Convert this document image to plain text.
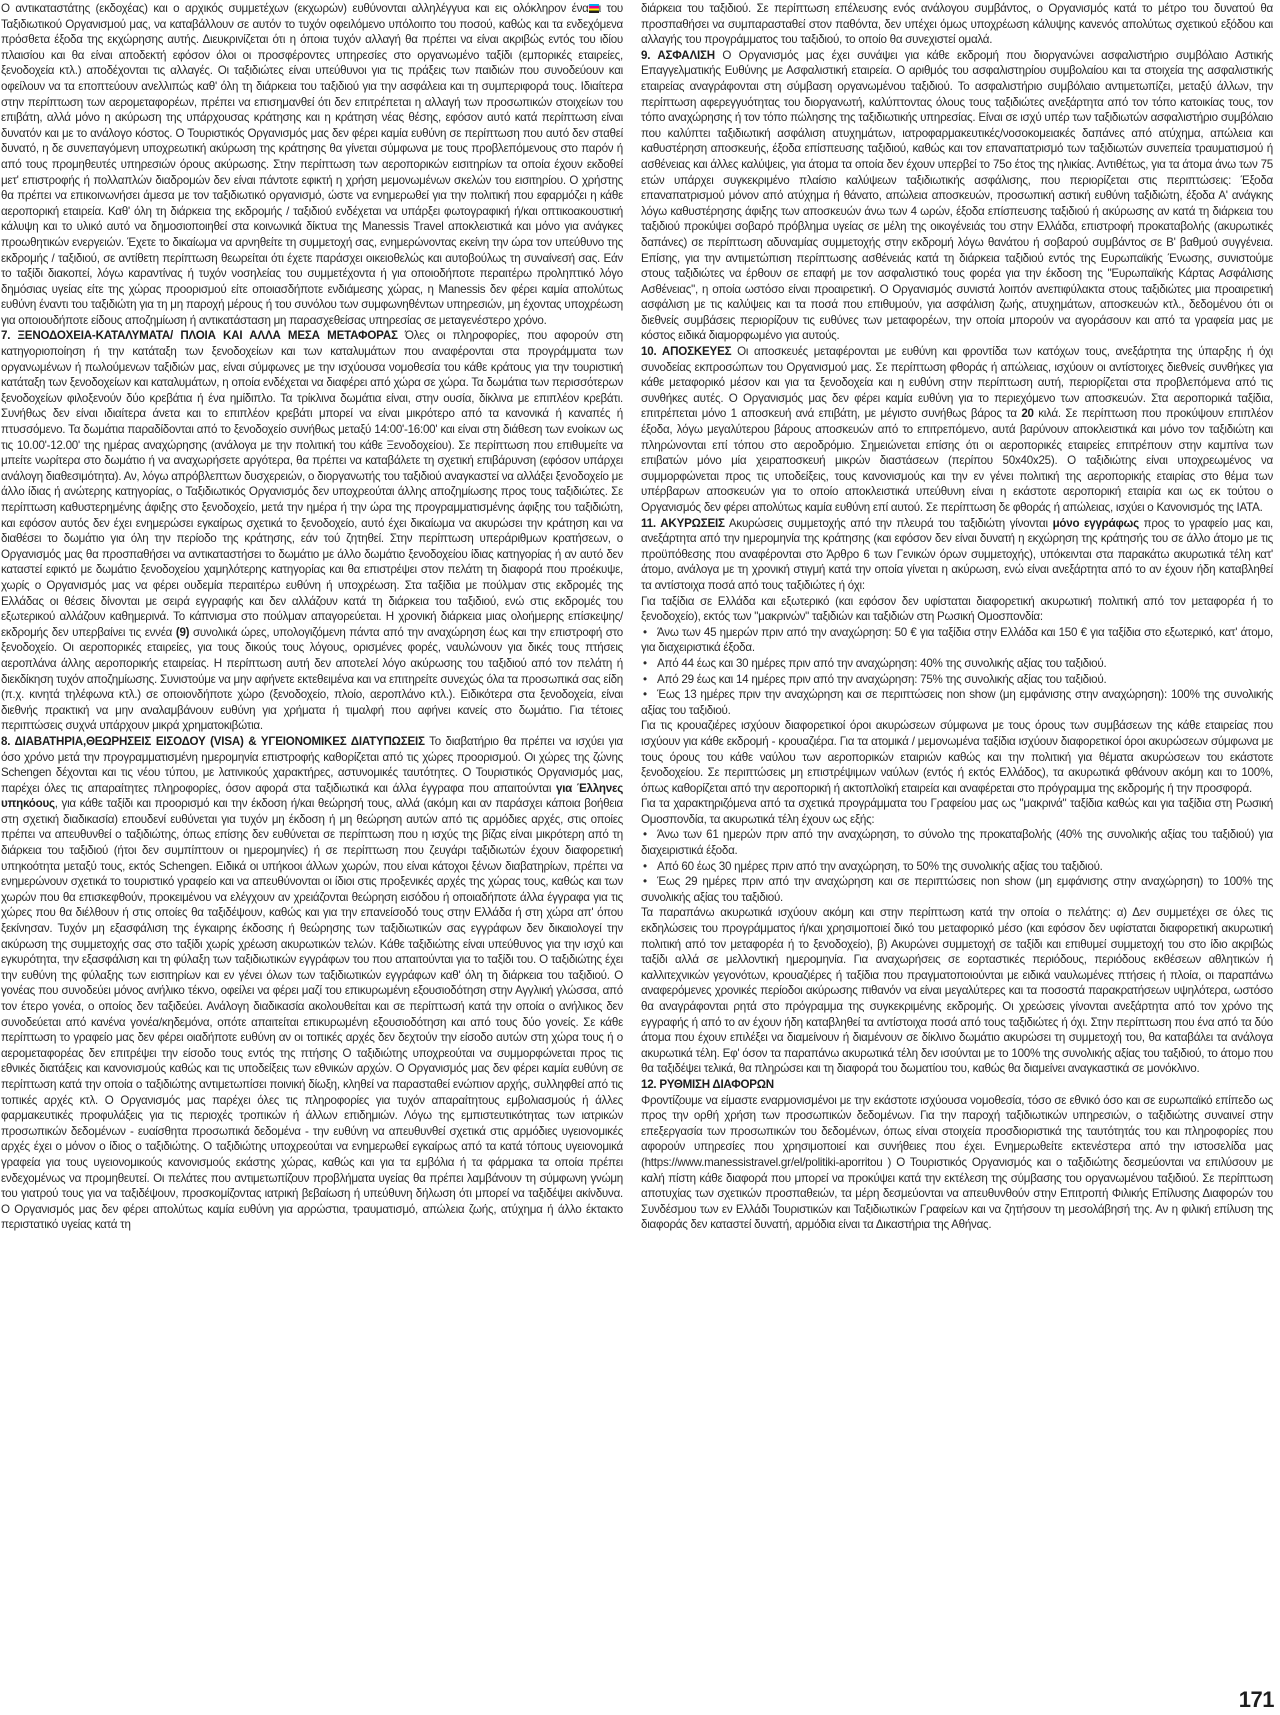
Ο αντικαταστάτης (εκδοχέας) και ο αρχικός συμμετέχων (εκχωρών) ευθύνονται αλληλέγγυα και εις ολόκληρον ένα ι του Ταξιδιωτικού Οργανισμού μας, να καταβάλλουν σε αυτόν το τυχόν οφειλόμενο υπόλοιπο του ποσού, καθώς και τα ενδεχόμενα πρόσθετα έξοδα της εκχώρησης αυτής. Διευκρινίζεται ότι η όποια τυχόν αλλαγή θα πρέπει να είναι ακριβώς εντός του ιδίου πλαισίου και θα είναι αποδεκτή εφόσον όλοι οι προσφέροντες υπηρεσίες στο οργανωμένο ταξίδι (εμπορικές εταιρείες, ξενοδοχεία κτλ.) αποδέχονται τις αλλαγές. Οι ταξιδιώτες είναι υπεύθυνοι για τις πράξεις των παιδιών που συνοδεύουν και οφείλουν να τα εποπτεύουν ανελλιπώς καθ' όλη τη διάρκεια του ταξιδιού για την ασφάλεια και τη συμπεριφορά τους. Ιδιαίτερα στην περίπτωση των αερομεταφορέων, πρέπει να επισημανθεί ότι δεν επιτρέπεται η αλλαγή των προσωπικών στοιχείων του επιβάτη, αλλά μόνο η ακύρωση της υπάρχουσας κράτησης και η κράτηση νέας θέσης, εφόσον αυτό κατά περίπτωση είναι δυνατόν και με το ανάλογο κόστος. Ο Τουριστικός Οργανισμός μας δεν φέρει καμία ευθύνη σε περίπτωση που αυτό δεν σταθεί δυνατό, η δε συνεπαγόμενη υποχρεωτική ακύρωση της κράτησης θα γίνεται σύμφωνα με τους προβλεπόμενους στο παρόν ή από τους προμηθευτές υπηρεσιών όρους ακύρωσης. Στην περίπτωση των αεροπορικών εισιτηρίων τα οποία έχουν εκδοθεί μετ' επιστροφής ή πολλαπλών διαδρομών δεν είναι πάντοτε εφικτή η χρήση μεμονωμένων σκελών του εισιτηρίου. Ο χρήστης θα πρέπει να επικοινωνήσει άμεσα με τον ταξιδιωτικό οργανισμό, ώστε να ενημερωθεί για την πολιτική που εφαρμόζει η κάθε αεροπορική εταιρεία. Καθ' όλη τη διάρκεια της εκδρομής / ταξιδιού ενδέχεται να υπάρξει φωτογραφική ή/και οπτικοακουστική κάλυψη και το υλικό αυτό να δημοσιοποιηθεί στα κοινωνικά δίκτυα της Manessis Travel αποκλειστικά και μόνο για ανάγκες προωθητικών ενεργειών. Έχετε το δικαίωμα να αρνηθείτε τη συμμετοχή σας, ενημερώνοντας εκείνη την ώρα τον υπεύθυνο της εκδρομής / ταξιδιού, σε αντίθετη περίπτωση θεωρείται ότι έχετε παράσχει οικειοθελώς και αυτοβούλως τη συναίνεσή σας. Εάν το ταξίδι διακοπεί, λόγω καραντίνας ή τυχόν νοσηλείας του συμμετέχοντα ή για οποιοδήποτε περαιτέρω προληπτικό λόγο δημόσιας υγείας είτε της χώρας προορισμού είτε οποιασδήποτε ενδιάμεσης χώρας, η Manessis δεν φέρει καμία απολύτως ευθύνη έναντι του ταξιδιώτη για τη μη παροχή μέρους ή του συνόλου των συμφωνηθέντων υπηρεσιών, μη έχοντας υποχρέωση για οποιουδήποτε είδους αποζημίωση ή αντικατάσταση μη παρασχεθείσας υπηρεσίας σε μεταγενέστερο χρόνο.

7. ΞΕΝΟΔΟΧΕΙΑ-ΚΑΤΑΛΥΜΑΤΑ/ ΠΛΟΙΑ ΚΑΙ ΑΛΛΑ ΜΕΣΑ ΜΕΤΑΦΟΡΑΣ Όλες οι πληροφορίες, που αφορούν στη κατηγοριοποίηση ή την κατάταξη των ξενοδοχείων και των καταλυμάτων που αναφέρονται στα προγράμματα των οργανωμένων ή πωλούμενων ταξιδιών μας, είναι σύμφωνες με την ισχύουσα νομοθεσία του κάθε κράτους για την τουριστική κατάταξη των ξενοδοχείων και καταλυμάτων, η οποία ενδέχεται να διαφέρει από χώρα σε χώρα. Τα δωμάτια των περισσότερων ξενοδοχείων φιλοξενούν δύο κρεβάτια ή ένα ημίδιπλο. Τα τρίκλινα δωμάτια είναι, στην ουσία, δίκλινα με επιπλέον κρεβάτι. Συνήθως δεν είναι ιδιαίτερα άνετα και το επιπλέον κρεβάτι μπορεί να είναι μικρότερο από τα κανονικά ή καναπές ή πτυσσόμενο. Τα δωμάτια παραδίδονται από το ξενοδοχείο συνήθως μεταξύ 14:00'-16:00' και είναι στη διάθεση των ενοίκων ως τις 10.00'-12.00' της ημέρας αναχώρησης (ανάλογα με την πολιτική του κάθε Ξενοδοχείου). Σε περίπτωση που επιθυμείτε να μπείτε νωρίτερα στο δωμάτιο ή να αναχωρήσετε αργότερα, θα πρέπει να καταβάλετε τη σχετική επιβάρυνση (εφόσον υπάρχει ανάλογη διαθεσιμότητα). Αν, λόγω απρόβλεπτων δυσχερειών, ο διοργανωτής του ταξιδιού αναγκαστεί να αλλάξει ξενοδοχείο με άλλο ίδιας ή ανώτερης κατηγορίας, ο Ταξιδιωτικός Οργανισμός δεν υποχρεούται άλλης αποζημίωσης προς τους ταξιδιώτες. Σε περίπτωση καθυστερημένης άφιξης στο ξενοδοχείο, μετά την ημέρα ή την ώρα της προγραμματισμένης άφιξης του ταξιδιώτη, και εφόσον αυτός δεν έχει ενημερώσει εγκαίρως σχετικά το ξενοδοχείο, αυτό έχει δικαίωμα να ακυρώσει την κράτηση και να διαθέσει το δωμάτιο για όλη την περίοδο της κράτησης, εάν τού ζητηθεί. Στην περίπτωση υπεράριθμων κρατήσεων, ο Οργανισμός μας θα προσπαθήσει να αντικαταστήσει το δωμάτιο με άλλο δωμάτιο ξενοδοχείου ίδιας κατηγορίας ή αν αυτό δεν καταστεί εφικτό με δωμάτιο ξενοδοχείου χαμηλότερης κατηγορίας και θα επιστρέψει στον πελάτη τη διαφορά που προέκυψε, χωρίς ο Οργανισμός μας να φέρει ουδεμία περαιτέρω ευθύνη ή υποχρέωση. Στα ταξίδια με πούλμαν στις εκδρομές της Ελλάδας οι θέσεις δίνονται με σειρά εγγραφής και δεν αλλάζουν κατά τη διάρκεια του ταξιδιού, ενώ στις εκδρομές του εξωτερικού αλλάζουν καθημερινά. Το κάπνισμα στο πούλμαν απαγορεύεται. Η χρονική διάρκεια μιας ολοήμερης επίσκεψης/εκδρομής δεν υπερβαίνει τις εννέα (9) συνολικά ώρες, υπολογιζόμενη πάντα από την αναχώρηση έως και την επιστροφή στο ξενοδοχείο. Οι αεροπορικές εταιρείες, για τους δικούς τους λόγους, ορισμένες φορές, ναυλώνουν για δικές τους πτήσεις αεροπλάνα άλλης αεροπορικής εταιρείας. Η περίπτωση αυτή δεν αποτελεί λόγο ακύρωσης του ταξιδιού από τον πελάτη ή διεκδίκηση τυχόν αποζημίωσης. Συνιστούμε να μην αφήνετε εκτεθειμένα και να επιτηρείτε συνεχώς όλα τα προσωπικά σας είδη (π.χ. κινητά τηλέφωνα κτλ.) σε οποιονδήποτε χώρο (ξενοδοχείο, πλοίο, αεροπλάνο κτλ.). Ειδικότερα στα ξενοδοχεία, είναι διεθνής πρακτική να μην αναλαμβάνουν ευθύνη για χρήματα ή τιμαλφή που αφήνει κανείς στο δωμάτιο. Για τέτοιες περιπτώσεις συχνά υπάρχουν μικρά χρηματοκιβώτια.

8. ΔΙΑΒΑΤΗΡΙΑ,ΘΕΩΡΗΣΕΙΣ ΕΙΣΟΔΟΥ (VISA) & ΥΓΕΙΟΝΟΜΙΚΕΣ ΔΙΑΤΥΠΩΣΕΙΣ Το διαβατήριο θα πρέπει να ισχύει για όσο χρόνο μετά την προγραμματισμένη ημερομηνία επιστροφής καθορίζεται από τις χώρες προορισμού. Οι χώρες της ζώνης Schengen δέχονται και τις νέου τύπου, με λατινικούς χαρακτήρες, αστυνομικές ταυτότητες. Ο Τουριστικός Οργανισμός μας, παρέχει όλες τις απαραίτητες πληροφορίες, όσον αφορά στα ταξιδιωτικά και άλλα έγγραφα που απαιτούνται για Έλληνες υπηκόους, για κάθε ταξίδι και προορισμό και την έκδοση ή/και θεώρησή τους, αλλά (ακόμη και αν παράσχει κάποια βοήθεια στη σχετική διαδικασία) επουδενί ευθύνεται για τυχόν μη έκδοση ή μη θεώρηση αυτών από τις αρμόδιες αρχές, στις οποίες πρέπει να απευθυνθεί ο ταξιδιώτης, όπως επίσης δεν ευθύνεται σε περίπτωση που η ισχύς της βίζας είναι μικρότερη από τη διάρκεια του ταξιδιού (ήτοι δεν συμπίπτουν οι ημερομηνίες) ή σε περίπτωση που ζευγάρι ταξιδιωτών έχουν διαφορετική υπηκοότητα μεταξύ τους, εκτός Schengen. Ειδικά οι υπήκοοι άλλων χωρών, που είναι κάτοχοι ξένων διαβατηρίων, πρέπει να ενημερώνουν σχετικά το τουριστικό γραφείο και να απευθύνονται οι ίδιοι στις προξενικές αρχές της χώρας τους, καθώς και των χωρών που θα επισκεφθούν, προκειμένου να ελέγχουν αν χρειάζονται θεώρηση εισόδου ή οποιαδήποτε άλλα έγγραφα για τις χώρες που θα διέλθουν ή στις οποίες θα ταξιδέψουν, καθώς και για την επανείσοδό τους στην Ελλάδα ή στη χώρα απ' όπου ξεκίνησαν. Τυχόν μη εξασφάλιση της έγκαιρης έκδοσης ή θεώρησης των ταξιδιωτικών σας εγγράφων δεν δικαιολογεί την ακύρωση της συμμετοχής σας στο ταξίδι χωρίς χρέωση ακυρωτικών τελών. Κάθε ταξιδιώτης είναι υπεύθυνος για την ισχύ και εγκυρότητα, την εξασφάλιση και τη φύλαξη των ταξιδιωτικών εγγράφων του που απαιτούνται για το ταξίδι του. Ο ταξιδιώτης έχει την ευθύνη της φύλαξης των εισιτηρίων και εν γένει όλων των ταξιδιωτικών εγγράφων καθ' όλη τη διάρκεια του ταξιδιού. Ο γονέας που συνοδεύει μόνος ανήλικο τέκνο, οφείλει να φέρει μαζί του επικυρωμένη εξουσιοδότηση στην Αγγλική γλώσσα, από τον έτερο γονέα, ο οποίος δεν ταξιδεύει. Ανάλογη διαδικασία ακολουθείται και σε περίπτωσή κατά την οποία ο ανήλικος δεν συνοδεύεται από κανένα γονέα/κηδεμόνα, οπότε απαιτείται επικυρωμένη εξουσιοδότηση και από τους δύο γονείς. Σε κάθε περίπτωση το γραφείο μας δεν φέρει οιαδήποτε ευθύνη αν οι τοπικές αρχές δεν δεχτούν την είσοδο αυτών στη χώρα τους ή ο αερομεταφορέας δεν επιτρέψει την είσοδο τους εντός της πτήσης Ο ταξιδιώτης υποχρεούται να συμμορφώνεται προς τις εθνικές διατάξεις και κανονισμούς καθώς και τις υποδείξεις των εθνικών αρχών. Ο Οργανισμός μας δεν φέρει καμία ευθύνη σε περίπτωση κατά την οποία ο ταξιδιώτης αντιμετωπίσει ποινική δίωξη, κληθεί να παρασταθεί ενώπιον αρχής, συλληφθεί από τις τοπικές αρχές κτλ. Ο Οργανισμός μας παρέχει όλες τις πληροφορίες για τυχόν απαραίτητους εμβολιασμούς ή άλλες φαρμακευτικές προφυλάξεις για τις περιοχές τροπικών ή άλλων επιδημιών. Λόγω της εμπιστευτικότητας των ιατρικών προσωπικών δεδομένων - ευαίσθητα προσωπικά δεδομένα - την ευθύνη να απευθυνθεί σχετικά στις αρμόδιες υγειονομικές αρχές έχει ο μόνον ο ίδιος ο ταξιδιώτης. Ο ταξιδιώτης υποχρεούται να ενημερωθεί εγκαίρως από τα κατά τόπους υγειονομικά γραφεία για τους υγειονομικούς κανονισμούς εκάστης χώρας, καθώς και για τα εμβόλια ή τα φάρμακα τα οποία πρέπει ενδεχομένως να προμηθευτεί. Οι πελάτες που αντιμετωπίζουν προβλήματα υγείας θα πρέπει λαμβάνουν τη σύμφωνη γνώμη του γιατρού τους για να ταξιδέψουν, προσκομίζοντας ιατρική βεβαίωση ή υπεύθυνη δήλωση ότι μπορεί να ταξιδέψει ακίνδυνα. Ο Οργανισμός μας δεν φέρει απολύτως καμία ευθύνη για αρρώστια, τραυματισμό, απώλεια ζωής, ατύχημα ή άλλο έκτακτο περιστατικό υγείας κατά τη

διάρκεια του ταξιδιού. Σε περίπτωση επέλευσης ενός ανάλογου συμβάντος, ο Οργανισμός κατά το μέτρο του δυνατού θα προσπαθήσει να συμπαρασταθεί στον παθόντα, δεν υπέχει όμως υποχρέωση κάλυψης κανενός απολύτως σχετικού εξόδου και αλλαγής του προγράμματος του ταξιδιού, το οποίο θα συνεχιστεί ομαλά.

9. ΑΣΦΑΛΙΣΗ Ο Οργανισμός μας έχει συνάψει για κάθε εκδρομή που διοργανώνει ασφαλιστήριο συμβόλαιο Αστικής Επαγγελματικής Ευθύνης με Ασφαλιστική εταιρεία. Ο αριθμός του ασφαλιστηρίου συμβολαίου και τα στοιχεία της ασφαλιστικής εταιρείας αναγράφονται στη σύμβαση οργανωμένου ταξιδιού. Το ασφαλιστήριο συμβόλαιο αντιμετωπίζει, μεταξύ άλλων, την περίπτωση αφερεγγυότητας του διοργανωτή, καλύπτοντας όλους τους ταξιδιώτες ανεξάρτητα από τον τόπο κατοικίας τους, τον τόπο αναχώρησης ή τον τόπο πώλησης της ταξιδιωτικής υπηρεσίας. Είναι σε ισχύ υπέρ των ταξιδιωτών ασφαλιστήριο συμβόλαιο που καλύπτει ταξιδιωτική ασφάλιση ατυχημάτων, ιατροφαρμακευτικές/νοσοκομειακές δαπάνες από ατύχημα, απώλεια και καθυστέρηση αποσκευής, έξοδα επίσπευσης ταξιδιού, καθώς και τον επαναπατρισμό των ταξιδιωτών συνεπεία τραυματισμού ή ασθένειας και άλλες καλύψεις, για άτομα τα οποία δεν έχουν υπερβεί το 75ο έτος της ηλικίας. Αντιθέτως, για τα άτομα άνω των 75 ετών υπάρχει συγκεκριμένο πλαίσιο καλύψεων ταξιδιωτικής ασφάλισης, που περιορίζεται στις περιπτώσεις: Έξοδα επαναπατρισμού μόνον από ατύχημα ή θάνατο, απώλεια αποσκευών, προσωπική αστική ευθύνη ταξιδιώτη, έξοδα Α' ανάγκης λόγω καθυστέρησης άφιξης των αποσκευών άνω των 4 ωρών, έξοδα επίσπευσης ταξιδιού ή ακύρωσης αν κατά τη διάρκεια του ταξιδιού προκύψει σοβαρό πρόβλημα υγείας σε μέλη της οικογένειάς του στην Ελλάδα, επιστροφή προκαταβολής (ακυρωτικές δαπάνες) σε περίπτωση αδυναμίας συμμετοχής στην εκδρομή λόγω θανάτου ή σοβαρού συμβάντος σε Β' βαθμού συγγένεια. Επίσης, για την αντιμετώπιση περίπτωσης ασθένειάς κατά τη διάρκεια ταξιδιού εντός της Ευρωπαϊκής Ένωσης, συνιστούμε στους ταξιδιώτες να έρθουν σε επαφή με τον ασφαλιστικό τους φορέα για την έκδοση της "Ευρωπαϊκής Κάρτας Ασφάλισης Ασθένειας", η οποία ωστόσο είναι προαιρετική. Ο Οργανισμός συνιστά λοιπόν ανεπιφύλακτα στους ταξιδιώτες μια προαιρετική ασφάλιση με τις καλύψεις και τα ποσά που επιθυμούν, για ασφάλιση ζωής, ατυχημάτων, αποσκευών κτλ., δεδομένου ότι οι διεθνείς συμβάσεις περιορίζουν τις ευθύνες των μεταφορέων, την οποία μπορούν να αγοράσουν και από τα γραφεία μας με κόστος ειδικά διαμορφωμένο για αυτούς.

10. ΑΠΟΣΚΕΥΕΣ Οι αποσκευές μεταφέρονται με ευθύνη και φροντίδα των κατόχων τους, ανεξάρτητα της ύπαρξης ή όχι συνοδείας εκπροσώπων του Οργανισμού μας. Σε περίπτωση φθοράς ή απώλειας, ισχύουν οι αντίστοιχες διεθνείς συνθήκες για κάθε μεταφορικό μέσον και για τα ξενοδοχεία και η ευθύνη στην περίπτωση αυτή, περιορίζεται στα προβλεπόμενα από τις συνθήκες αυτές. Ο Οργανισμός μας δεν φέρει καμία ευθύνη για το περιεχόμενο των αποσκευών. Στα αεροπορικά ταξίδια, επιτρέπεται μόνο 1 αποσκευή ανά επιβάτη, με μέγιστο συνήθως βάρος τα 20 κιλά. Σε περίπτωση που προκύψουν επιπλέον έξοδα, λόγω μεγαλύτερου βάρους αποσκευών από το επιτρεπόμενο, αυτά βαρύνουν αποκλειστικά και μόνο τον ταξιδιώτη και πληρώνονται επί τόπου στο αεροδρόμιο. Σημειώνεται επίσης ότι οι αεροπορικές εταιρείες επιτρέπουν στην καμπίνα των επιβατών μόνο μία χειραποσκευή μικρών διαστάσεων (περίπου 50x40x25). Ο ταξιδιώτης είναι υποχρεωμένος να συμμορφώνεται προς τις υποδείξεις, τους κανονισμούς και την εν γένει πολιτική της αεροπορικής εταιρίας στο θέμα των υπέρβαρων αποσκευών για το οποίο αποκλειστικά υπεύθυνη είναι η εκάστοτε αεροπορική εταιρία και ως εκ τούτου ο Οργανισμός δεν φέρει απολύτως καμία ευθύνη επί αυτού. Σε περίπτωση δε φθοράς ή απώλειας, ισχύει ο Κανονισμός της ΙΑΤΑ.

11. ΑΚΥΡΩΣΕΙΣ Ακυρώσεις συμμετοχής από την πλευρά του ταξιδιώτη γίνονται μόνο εγγράφως προς το γραφείο μας και, ανεξάρτητα από την ημερομηνία της κράτησης (και εφόσον δεν είναι δυνατή η εκχώρηση της κράτησής του σε άλλο άτομο με τις προϋπόθεσης που αναφέρονται στο Άρθρο 6 των Γενικών όρων συμμετοχής), υπόκεινται στα παρακάτω ακυρωτικά τέλη κατ' άτομο, ανάλογα με τη χρονική στιγμή κατά την οποία γίνεται η ακύρωση, ενώ είναι ανεξάρτητα από το αν έχουν ήδη καταβληθεί τα αντίστοιχα ποσά από τους ταξιδιώτες ή όχι:

Για ταξίδια σε Ελλάδα και εξωτερικό (και εφόσον δεν υφίσταται διαφορετική ακυρωτική πολιτική από τον μεταφορέα ή το ξενοδοχείο), εκτός των "μακρινών" ταξιδιών και ταξιδιών στη Ρωσική Ομοσπονδία:

• Άνω των 45 ημερών πριν από την αναχώρηση: 50 € για ταξίδια στην Ελλάδα και 150 € για ταξίδια στο εξωτερικό, κατ' άτομο, για διαχειριστικά έξοδα.

• Από 44 έως και 30 ημέρες πριν από την αναχώρηση: 40% της συνολικής αξίας του ταξιδιού.

• Από 29 έως και 14 ημέρες πριν από την αναχώρηση: 75% της συνολικής αξίας του ταξιδιού.

• Έως 13 ημέρες πριν την αναχώρηση και σε περιπτώσεις non show (μη εμφάνισης στην αναχώρηση): 100% της συνολικής αξίας του ταξιδιού.

Για τις κρουαζιέρες ισχύουν διαφορετικοί όροι ακυρώσεων σύμφωνα με τους όρους των συμβάσεων της κάθε εταιρείας που ισχύουν για κάθε εκδρομή - κρουαζιέρα. Για τα ατομικά / μεμονωμένα ταξίδια ισχύουν διαφορετικοί όροι ακυρώσεων σύμφωνα με τους όρους του κάθε ναύλου των αεροπορικών εταιριών καθώς και την πολιτική για θέματα ακυρώσεων του εκάστοτε ξενοδοχείου. Σε περιπτώσεις μη επιστρέψιμων ναύλων (εντός ή εκτός Ελλάδος), τα ακυρωτικά φθάνουν ακόμη και το 100%, όπως καθορίζεται από την αεροπορική ή ακτοπλοϊκή εταιρεία και αναφέρεται στο πρόγραμμα της εκδρομής ή την προσφορά.

Για τα χαρακτηριζόμενα από τα σχετικά προγράμματα του Γραφείου μας ως "μακρινά" ταξίδια καθώς και για ταξίδια στη Ρωσική Ομοσπονδία, τα ακυρωτικά τέλη έχουν ως εξής:

• Άνω των 61 ημερών πριν από την αναχώρηση, το σύνολο της προκαταβολής (40% της συνολικής αξίας του ταξιδιού) για διαχειριστικά έξοδα.

• Από 60 έως 30 ημέρες πριν από την αναχώρηση, το 50% της συνολικής αξίας του ταξιδιού.

• Έως 29 ημέρες πριν από την αναχώρηση και σε περιπτώσεις non show (μη εμφάνισης στην αναχώρηση) το 100% της συνολικής αξίας του ταξιδιού.

Τα παραπάνω ακυρωτικά ισχύουν ακόμη και στην περίπτωση κατά την οποία ο πελάτης: α) Δεν συμμετέχει σε όλες τις εκδηλώσεις του προγράμματος ή/και χρησιμοποιεί δικό του μεταφορικό μέσο (και εφόσον δεν υφίσταται διαφορετική ακυρωτική πολιτική από τον μεταφορέα ή το ξενοδοχείο), β) Ακυρώνει συμμετοχή σε ταξίδι και επιθυμεί συμμετοχή του στο ίδιο ακριβώς ταξίδι αλλά σε μελλοντική ημερομηνία. Για αναχωρήσεις σε εορταστικές περιόδους, περιόδους εκθέσεων αθλητικών ή καλλιτεχνικών γεγονότων, κρουαζιέρες ή ταξίδια που πραγματοποιούνται με ειδικά ναυλωμένες πτήσεις ή πλοία, οι παραπάνω αναφερόμενες χρονικές περίοδοι ακύρωσης πιθανόν να είναι μεγαλύτερες και τα ποσοστά παρακρατήσεων υψηλότερα, ωστόσο θα αναγράφονται ρητά στο πρόγραμμα της συγκεκριμένης εκδρομής. Οι χρεώσεις γίνονται ανεξάρτητα από τον χρόνο της εγγραφής ή από το αν έχουν ήδη καταβληθεί τα αντίστοιχα ποσά από τους ταξιδιώτες ή όχι. Στην περίπτωση που ένα από τα δύο άτομα που έχουν επιλέξει να διαμείνουν ή διαμένουν σε δίκλινο δωμάτιο ακυρώσει τη συμμετοχή του, θα καταβάλει τα ανάλογα ακυρωτικά τέλη. Εφ' όσον τα παραπάνω ακυρωτικά τέλη δεν ισούνται με το 100% της συνολικής αξίας του ταξιδιού, το άτομο που θα ταξιδέψει τελικά, θα πληρώσει και τη διαφορά του δωματίου του, καθώς θα διαμείνει αναγκαστικά σε μονόκλινο.

12. ΡΥΘΜΙΣΗ ΔΙΑΦΟΡΩΝ

Φροντίζουμε να είμαστε εναρμονισμένοι με την εκάστοτε ισχύουσα νομοθεσία, τόσο σε εθνικό όσο και σε ευρωπαϊκό επίπεδο ως προς την ορθή χρήση των προσωπικών δεδομένων. Για την παροχή ταξιδιωτικών υπηρεσιών, ο ταξιδιώτης συναινεί στην επεξεργασία των προσωπικών του δεδομένων, όπως είναι στοιχεία προσδιοριστικά της ταυτότητάς του και πληροφορίες που αφορούν υπηρεσίες που χρησιμοποιεί και συνήθειες που έχει. Ενημερωθείτε εκτενέστερα από την ιστοσελίδα μας (https://www.manessistravel.gr/el/politiki-aporritou ) Ο Τουριστικός Οργανισμός και ο ταξιδιώτης δεσμεύονται να επιλύσουν με καλή πίστη κάθε διαφορά που μπορεί να προκύψει κατά την εκτέλεση της σύμβασης του οργανωμένου ταξιδιού. Σε περίπτωση αποτυχίας των σχετικών προσπαθειών, τα μέρη δεσμεύονται να απευθυνθούν στην Επιτροπή Φιλικής Επίλυσης Διαφορών του Συνδέσμου των εν Ελλάδι Τουριστικών και Ταξιδιωτικών Γραφείων και να ζητήσουν τη μεσολάβησή της. Αν η φιλική επίλυση της διαφοράς δεν καταστεί δυνατή, αρμόδια είναι τα Δικαστήρια της Αθήνας.

171
